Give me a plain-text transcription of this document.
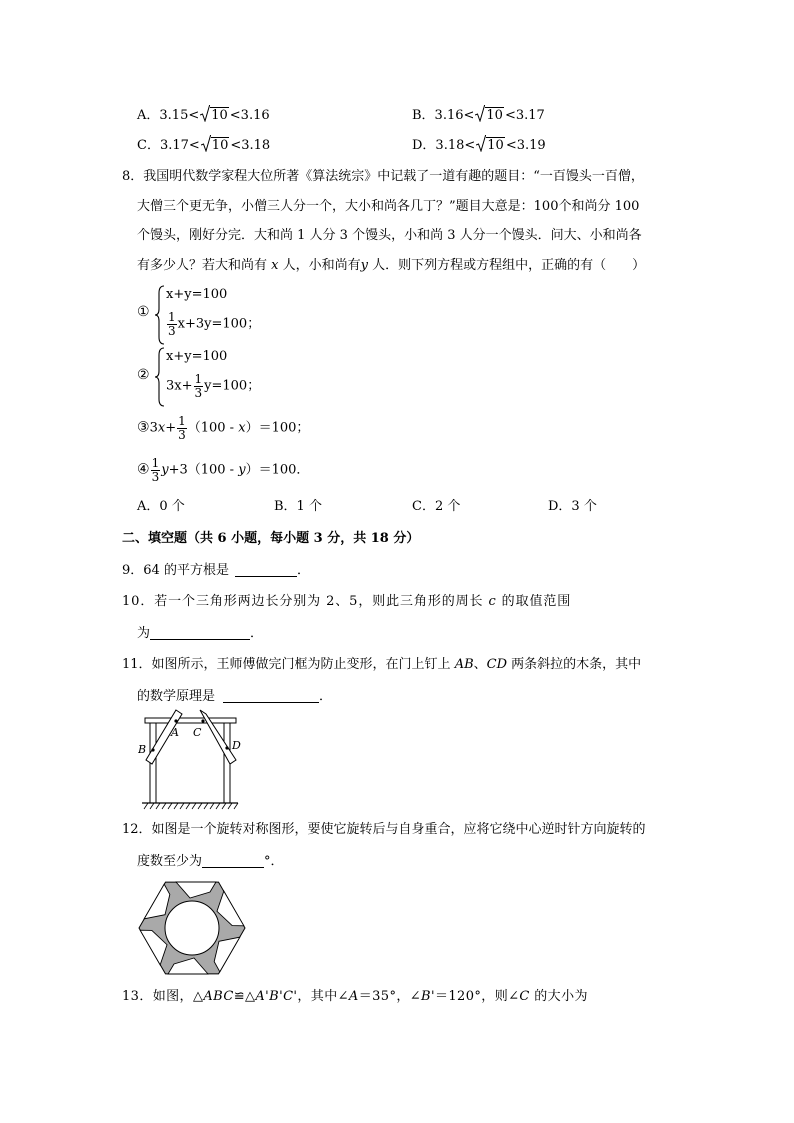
A．3.15< 10 <3.16	B．3.16< 10 <3.17
C．3.17< 10 <3.18	D．3.18< 10 <3.19
8．我国明代数学家程大位所著《算法统宗》中记载了一道有趣的题目：“一百馒头一百僧，
大僧三个更无争，小僧三人分一个，大小和尚各几丁？”题目大意是：100个和尚分 100
个馒头，刚好分完．大和尚 1 人分 3 个馒头，小和尚 3 人分一个馒头．问大、小和尚各
有多少人？若大和尚有 x 人，小和尚有y 人．则下列方程或方程组中，正确的有（　　）
①
x+y=100
$\frac{1}{3} x+3y=100$；
②
x+y=100
$3x+ \frac{1}{3} y=100$；
③3x+ $\frac{1}{3} (100 - x)=100$；
④ $\frac{1}{3} y+3(100 - y)=100$．
A．0 个	B．1 个	C．2 个	D．3 个
二、填空题（共 6 小题，每小题 3 分，共 18 分）
9．64 的平方根是	．
10．若一个三角形两边长分别为 2、5，则此三角形的周长 c 的取值范围
为	．
11．如图所示，王师傅做完门框为防止变形，在门上钉上 AB、CD 两条斜拉的木条，其中
的数学原理是	．
B
A C
D
12．如图是一个旋转对称图形，要使它旋转后与自身重合，应将它绕中心逆时针方向旋转的
度数至少为	°．
13．如图，△ABC≌△A'B'C'，其中∠A＝35°，∠B'＝120°，则∠C 的大小为
